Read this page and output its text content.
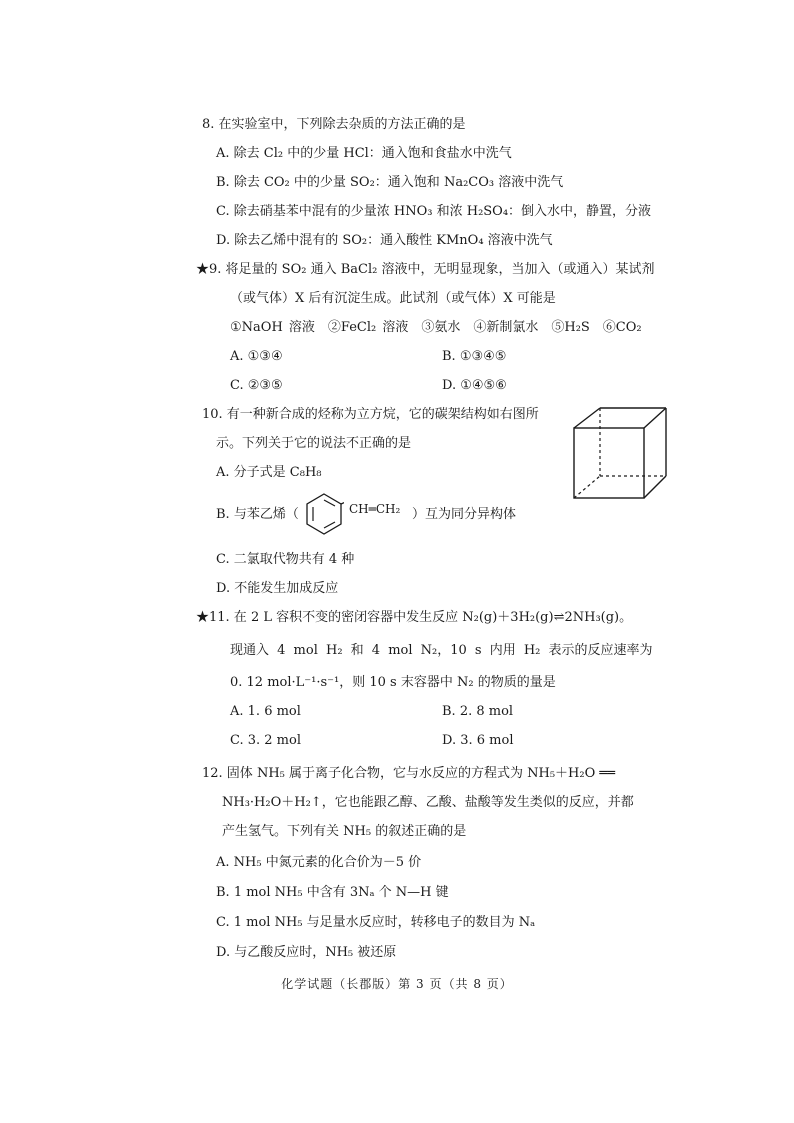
8. 在实验室中，下列除去杂质的方法正确的是
A. 除去 Cl₂ 中的少量 HCl：通入饱和食盐水中洗气
B. 除去 CO₂ 中的少量 SO₂：通入饱和 Na₂CO₃ 溶液中洗气
C. 除去硝基苯中混有的少量浓 HNO₃ 和浓 H₂SO₄：倒入水中，静置，分液
D. 除去乙烯中混有的 SO₂：通入酸性 KMnO₄ 溶液中洗气
★9. 将足量的 SO₂ 通入 BaCl₂ 溶液中，无明显现象，当加入（或通入）某试剂
（或气体）X 后有沉淀生成。此试剂（或气体）X 可能是
①NaOH 溶液　②FeCl₂ 溶液　③氨水　④新制氯水　⑤H₂S　⑥CO₂
A. ①③④	B. ①③④⑤
C. ②③⑤	D. ①④⑤⑥
10. 有一种新合成的烃称为立方烷，它的碳架结构如右图所
示。下列关于它的说法不正确的是
A. 分子式是 C₈H₈
B. 与苯乙烯（	CH═CH₂ ）互为同分异构体
C. 二氯取代物共有 4 种
D. 不能发生加成反应
★11. 在 2 L 容积不变的密闭容器中发生反应 N₂(g)＋3H₂(g)⇌2NH₃(g)。
现通入 4 mol H₂ 和 4 mol N₂，10 s 内用 H₂ 表示的反应速率为
0. 12 mol·L⁻¹·s⁻¹，则 10 s 末容器中 N₂ 的物质的量是
A. 1. 6 mol	B. 2. 8 mol
C. 3. 2 mol	D. 3. 6 mol
12. 固体 NH₅ 属于离子化合物，它与水反应的方程式为 NH₅＋H₂O ══
NH₃·H₂O＋H₂↑，它也能跟乙醇、乙酸、盐酸等发生类似的反应，并都
产生氢气。下列有关 NH₅ 的叙述正确的是
A. NH₅ 中氮元素的化合价为－5 价
B. 1 mol NH₅ 中含有 3Nₐ 个 N—H 键
C. 1 mol NH₅ 与足量水反应时，转移电子的数目为 Nₐ
D. 与乙酸反应时，NH₅ 被还原
化学试题（长郡版）第 3 页（共 8 页）
